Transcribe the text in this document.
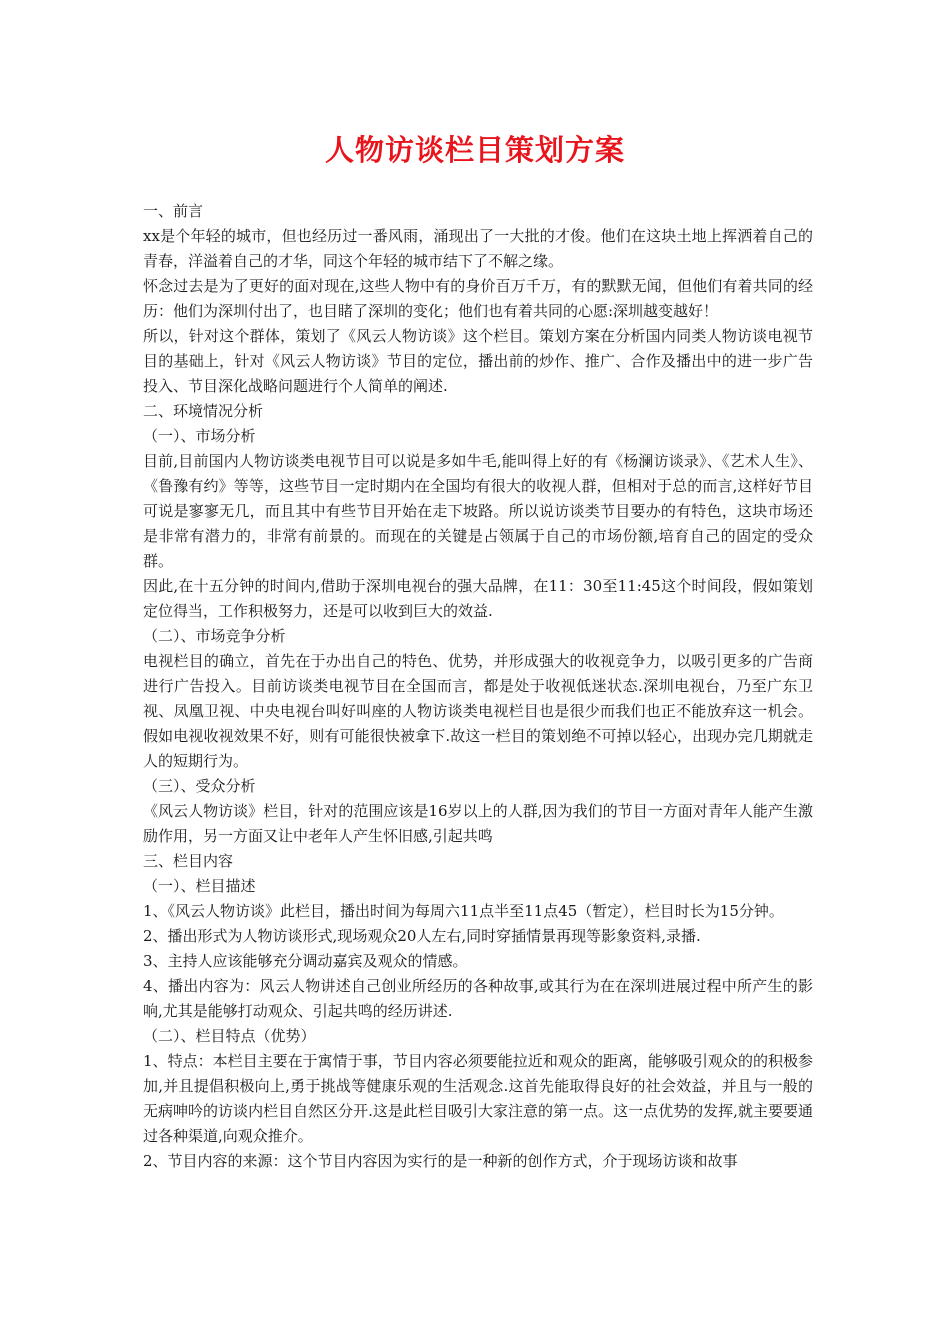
人物访谈栏目策划方案

一、前言

xx是个年轻的城市，但也经历过一番风雨，涌现出了一大批的才俊。他们在这块土地上挥洒着自己的青春，洋溢着自己的才华，同这个年轻的城市结下了不解之缘。

怀念过去是为了更好的面对现在,这些人物中有的身价百万千万，有的默默无闻，但他们有着共同的经历：他们为深圳付出了，也目睹了深圳的变化；他们也有着共同的心愿:深圳越变越好！

所以，针对这个群体，策划了《风云人物访谈》这个栏目。策划方案在分析国内同类人物访谈电视节目的基础上，针对《风云人物访谈》节目的定位，播出前的炒作、推广、合作及播出中的进一步广告投入、节目深化战略问题进行个人简单的阐述.

二、环境情况分析

（一）、市场分析

目前,目前国内人物访谈类电视节目可以说是多如牛毛,能叫得上好的有《杨澜访谈录》、《艺术人生》、《鲁豫有约》等等，这些节目一定时期内在全国均有很大的收视人群，但相对于总的而言,这样好节目可说是寥寥无几，而且其中有些节目开始在走下坡路。所以说访谈类节目要办的有特色，这块市场还是非常有潜力的，非常有前景的。而现在的关键是占领属于自己的市场份额,培育自己的固定的受众群。

因此,在十五分钟的时间内,借助于深圳电视台的强大品牌，在11：30至11:45这个时间段，假如策划定位得当，工作积极努力，还是可以收到巨大的效益.

（二）、市场竞争分析

电视栏目的确立，首先在于办出自己的特色、优势，并形成强大的收视竞争力，以吸引更多的广告商进行广告投入。目前访谈类电视节目在全国而言，都是处于收视低迷状态.深圳电视台，乃至广东卫视、凤凰卫视、中央电视台叫好叫座的人物访谈类电视栏目也是很少而我们也正不能放弃这一机会。假如电视收视效果不好，则有可能很快被拿下.故这一栏目的策划绝不可掉以轻心，出现办完几期就走人的短期行为。

（三）、受众分析

《风云人物访谈》栏目，针对的范围应该是16岁以上的人群,因为我们的节目一方面对青年人能产生激励作用，另一方面又让中老年人产生怀旧感,引起共鸣

三、栏目内容

（一）、栏目描述

1、《风云人物访谈》此栏目，播出时间为每周六11点半至11点45（暂定），栏目时长为15分钟。

2、播出形式为人物访谈形式,现场观众20人左右,同时穿插情景再现等影象资料,录播.

3、主持人应该能够充分调动嘉宾及观众的情感。

4、播出内容为：风云人物讲述自己创业所经历的各种故事,或其行为在在深圳进展过程中所产生的影响,尤其是能够打动观众、引起共鸣的经历讲述.

（二）、栏目特点（优势）

1、特点：本栏目主要在于寓情于事，节目内容必须要能拉近和观众的距离，能够吸引观众的的积极参加,并且提倡积极向上,勇于挑战等健康乐观的生活观念.这首先能取得良好的社会效益，并且与一般的无病呻吟的访谈内栏目自然区分开.这是此栏目吸引大家注意的第一点。这一点优势的发挥,就主要要通过各种渠道,向观众推介。

2、节目内容的来源：这个节目内容因为实行的是一种新的创作方式，介于现场访谈和故事
